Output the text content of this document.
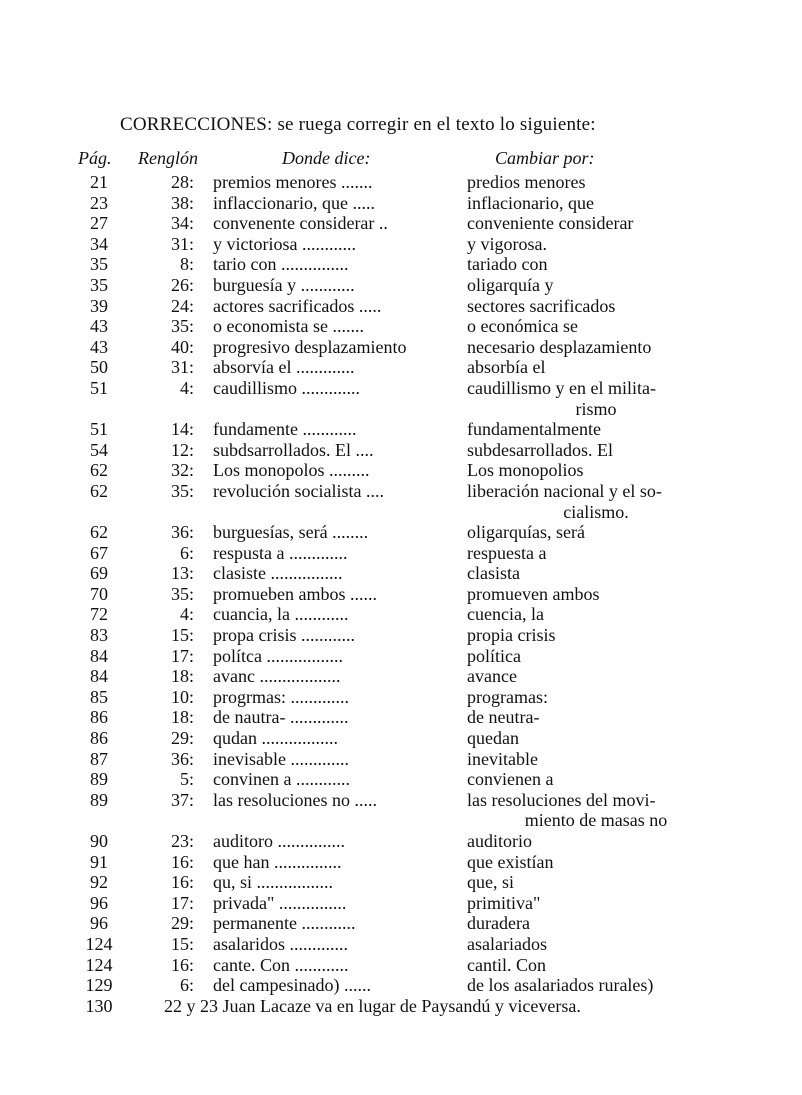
CORRECCIONES: se ruega corregir en el texto lo siguiente:
Pág. Renglón	Donde dice:	Cambiar por:
21	28: premios menores .......	predios menores
23	38: inflaccionario, que .....	inflacionario, que
27	34: convenente considerar ..	conveniente considerar
34	31: y victoriosa ............	y vigorosa.
35	8: tario con ...............	tariado con
35	26: burguesía y ............	oligarquía y
39	24: actores sacrificados .....	sectores sacrificados
43	35: o economista se .......	o económica se
43	40: progresivo desplazamiento	necesario desplazamiento
50	31: absorvía el .............	absorbía el
51	4: caudillismo .............	caudillismo y en el milita-
rismo
51	14: fundamente ............	fundamentalmente
54	12: subdsarrollados. El ....	subdesarrollados. El
62	32: Los monopolos .........	Los monopolios
62	35: revolución socialista ....	liberación nacional y el so-
cialismo.
62	36: burguesías, será ........	oligarquías, será
67	6: respusta a .............	respuesta a
69	13: clasiste ................	clasista
70	35: promueben ambos ......	promueven ambos
72	4: cuancia, la ............	cuencia, la
83	15: propa crisis ............	propia crisis
84	17: polítca .................	política
84	18: avanc ..................	avance
85	10: progrmas: .............	programas:
86	18: de nautra- .............	de neutra-
86	29: qudan .................	quedan
87	36: inevisable .............	inevitable
89	5: convinen a ............	convienen a
89	37: las resoluciones no .....	las resoluciones del movi-
miento de masas no
90	23: auditoro ...............	auditorio
91	16: que han ...............	que existían
92	16: qu, si .................	que, si
96	17: privada" ...............	primitiva"
96	29: permanente ............	duradera
124	15: asalaridos .............	asalariados
124	16: cante. Con ............	cantil. Con
129	6: del campesinado) ......	de los asalariados rurales)
130	22 y 23 Juan Lacaze va en lugar de Paysandú y viceversa.
